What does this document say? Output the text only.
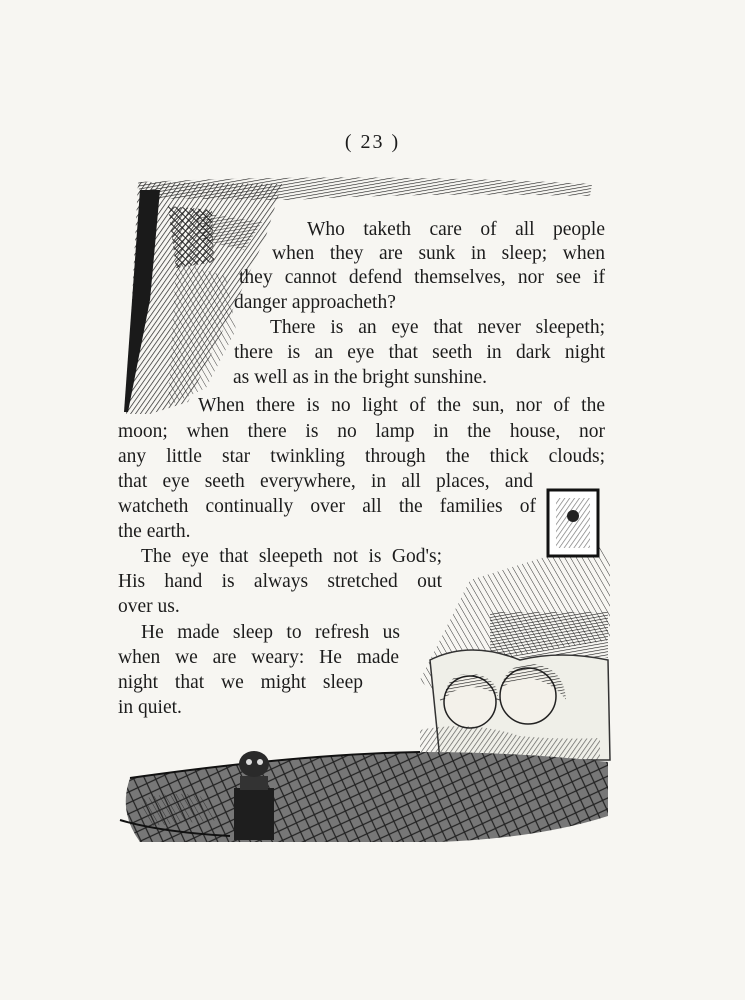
( 23 )
Who taketh care of all people
when they are sunk in sleep; when
they cannot defend themselves, nor see if
danger approacheth?
There is an eye that never sleepeth;
there is an eye that seeth in dark night
as well as in the bright sunshine.
When there is no light of the sun, nor of the
moon; when there is no lamp in the house, nor
any little star twinkling through the thick clouds;
that eye seeth everywhere, in all places, and
watcheth continually over all the families of
the earth.
The eye that sleepeth not is God's;
His hand is always stretched out
over us.
He made sleep to refresh us
when we are weary: He made
night that we might sleep
in quiet.
